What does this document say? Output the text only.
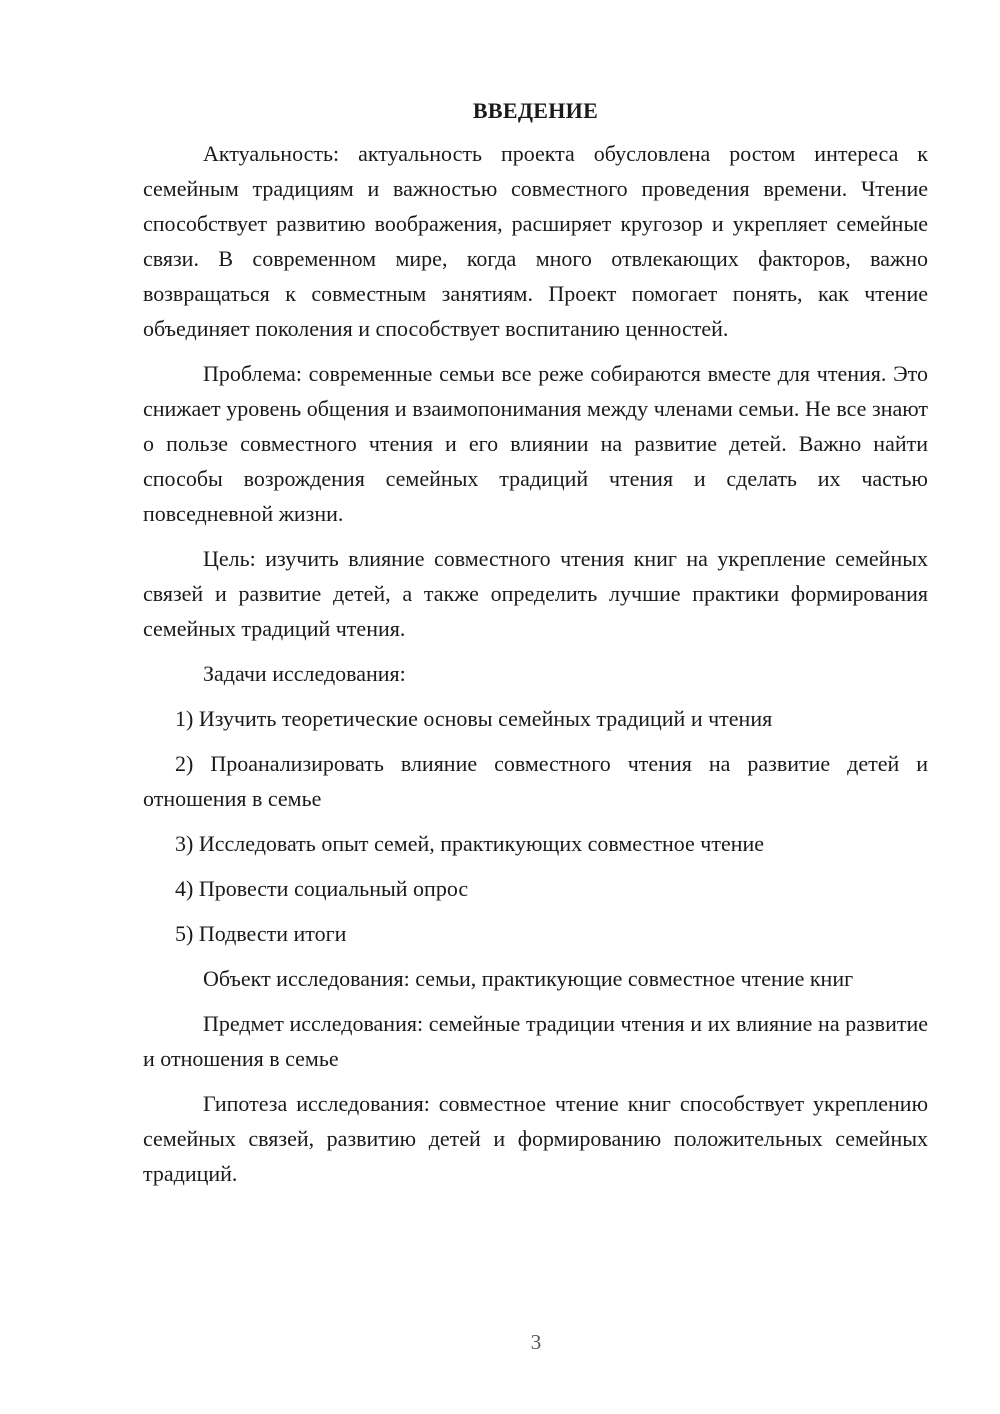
ВВЕДЕНИЕ

Актуальность: актуальность проекта обусловлена ростом интереса к семейным традициям и важностью совместного проведения времени. Чтение способствует развитию воображения, расширяет кругозор и укрепляет семейные связи. В современном мире, когда много отвлекающих факторов, важно возвращаться к совместным занятиям. Проект помогает понять, как чтение объединяет поколения и способствует воспитанию ценностей.

Проблема: современные семьи все реже собираются вместе для чтения. Это снижает уровень общения и взаимопонимания между членами семьи. Не все знают о пользе совместного чтения и его влиянии на развитие детей. Важно найти способы возрождения семейных традиций чтения и сделать их частью повседневной жизни.

Цель: изучить влияние совместного чтения книг на укрепление семейных связей и развитие детей, а также определить лучшие практики формирования семейных традиций чтения.

Задачи исследования:

1) Изучить теоретические основы семейных традиций и чтения

2) Проанализировать влияние совместного чтения на развитие детей и отношения в семье

3) Исследовать опыт семей, практикующих совместное чтение

4) Провести социальный опрос

5) Подвести итоги

Объект исследования: семьи, практикующие совместное чтение книг

Предмет исследования: семейные традиции чтения и их влияние на развитие и отношения в семье

Гипотеза исследования: совместное чтение книг способствует укреплению семейных связей, развитию детей и формированию положительных семейных традиций.

3
